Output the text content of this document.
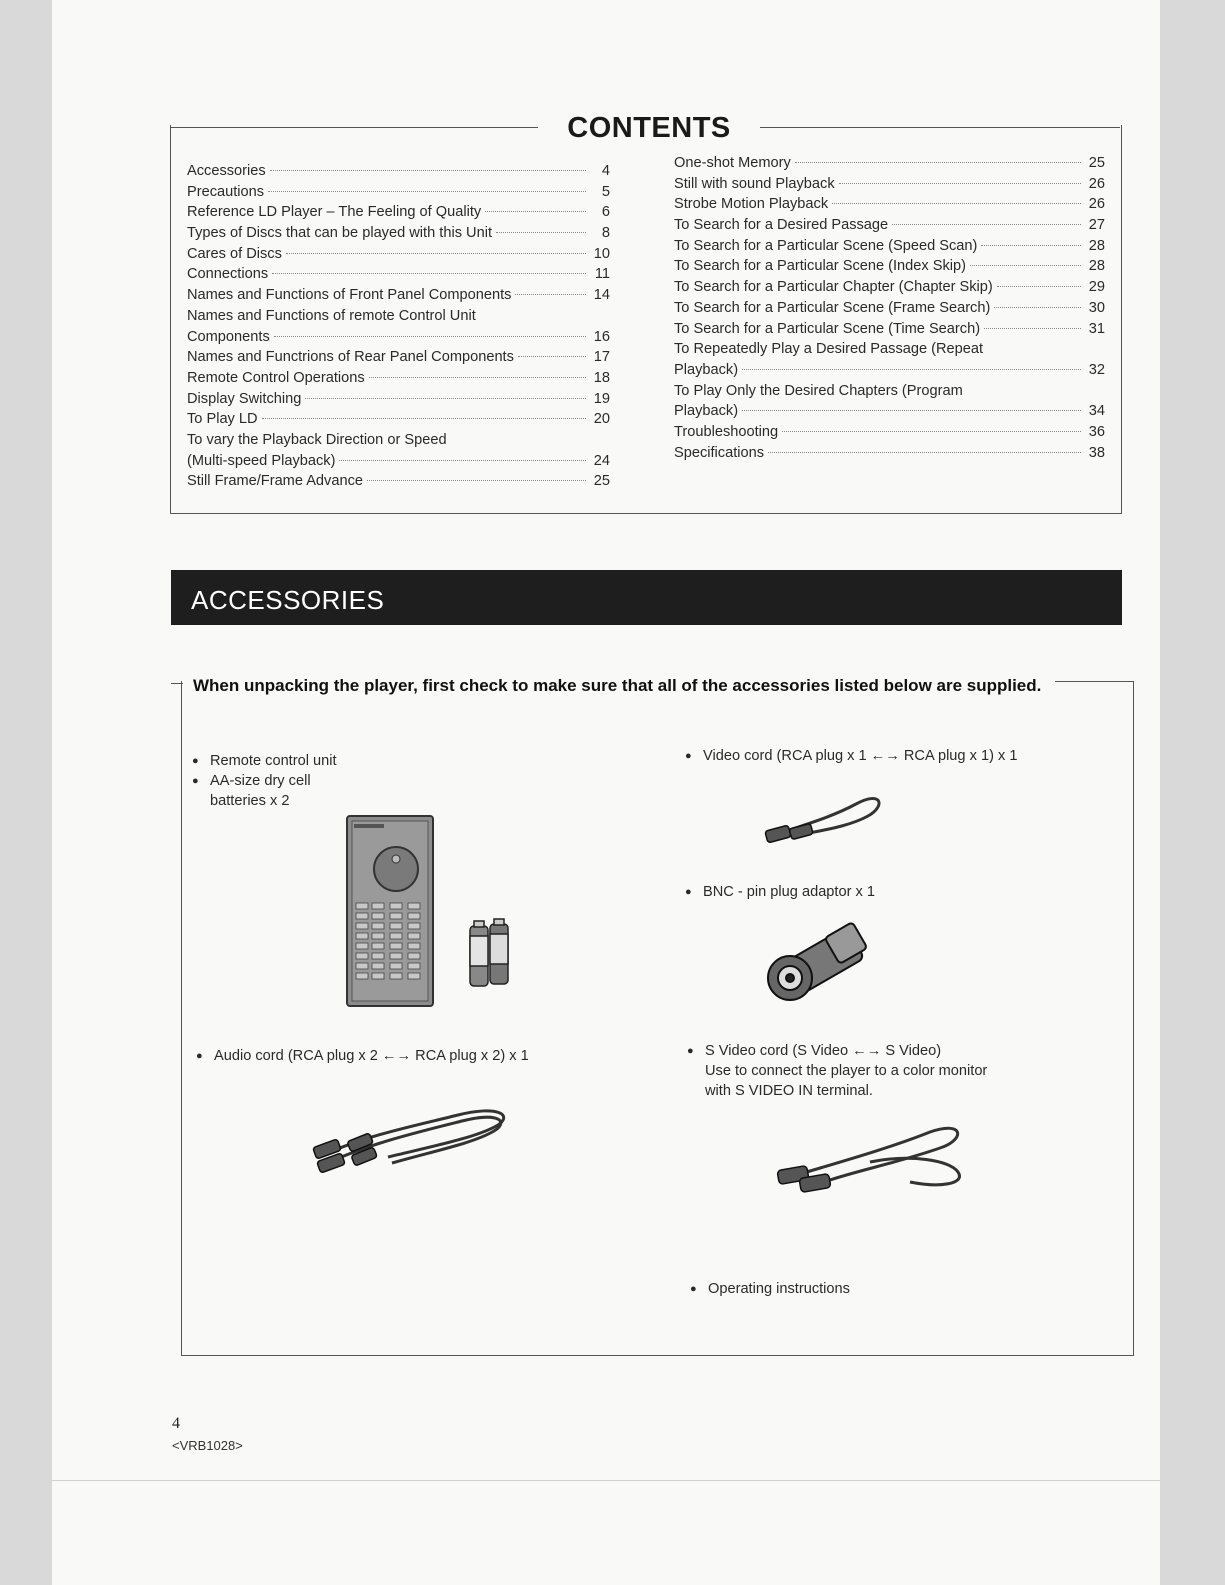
CONTENTS
Accessories	4
Precautions	5
Reference LD Player – The Feeling of Quality	6
Types of Discs that can be played with this Unit	8
Cares of Discs	10
Connections	11
Names and Functions of Front Panel Components	14
Names and Functions of remote Control Unit
Components	16
Names and Functrions of Rear Panel Components	17
Remote Control Operations	18
Display Switching	19
To Play LD	20
To vary the Playback Direction or Speed
(Multi-speed Playback)	24
Still Frame/Frame Advance	25
One-shot Memory	25
Still with sound Playback	26
Strobe Motion Playback	26
To Search for a Desired Passage	27
To Search for a Particular Scene (Speed Scan)	28
To Search for a Particular Scene (Index Skip)	28
To Search for a Particular Chapter (Chapter Skip)	29
To Search for a Particular Scene (Frame Search)	30
To Search for a Particular Scene (Time Search)	31
To Repeatedly Play a Desired Passage (Repeat
Playback)	32
To Play Only the Desired Chapters (Program
Playback)	34
Troubleshooting	36
Specifications	38
ACCESSORIES
When unpacking the player, first check to make sure that all of the accessories listed below are supplied.
● Remote control unit
● AA-size dry cell
batteries x 2
● Audio cord (RCA plug x 2 ←→ RCA plug x 2) x 1
● Video cord (RCA plug x 1 ←→ RCA plug x 1) x 1
● BNC - pin plug adaptor x 1
● S Video cord (S Video ←→ S Video)
Use to connect the player to a color monitor
with S VIDEO IN terminal.
● Operating instructions
4
<VRB1028>
